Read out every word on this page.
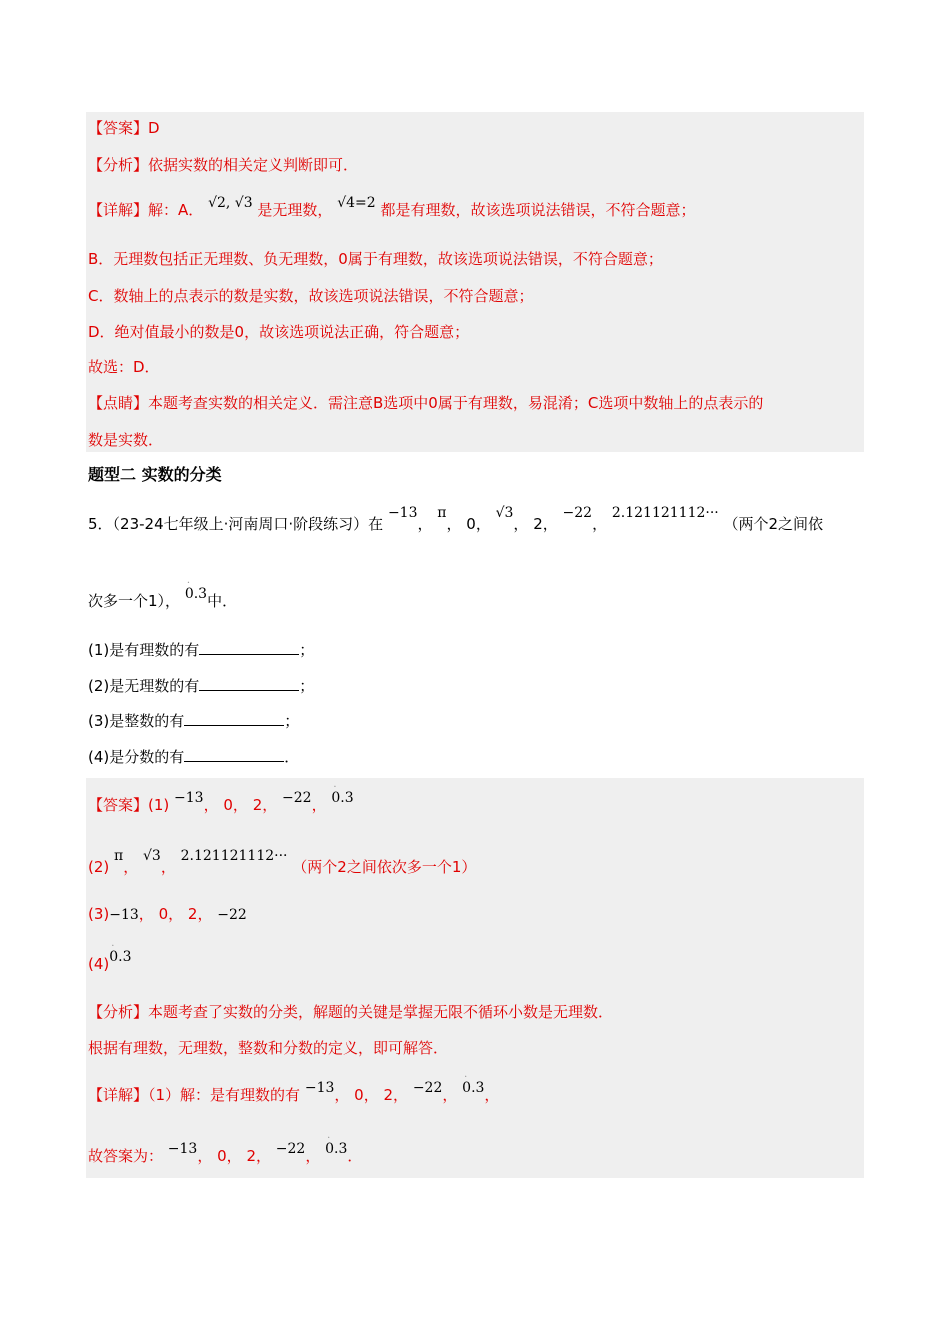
【答案】D
【分析】依据实数的相关定义判断即可．
【详解】解：A． √2, √3 是无理数， √4=2 都是有理数，故该选项说法错误，不符合题意；
B．无理数包括正无理数、负无理数，0属于有理数，故该选项说法错误，不符合题意；
C．数轴上的点表示的数是实数，故该选项说法错误，不符合题意；
D．绝对值最小的数是0，故该选项说法正确，符合题意；
故选：D．
【点睛】本题考查实数的相关定义．需注意B选项中0属于有理数，易混淆；C选项中数轴上的点表示的
数是实数．
题型二 实数的分类
5．（23-24七年级上·河南周口·阶段练习）在 −13， π， 0， √3， 2， −22， 2.121121112··· （两个2之间依
次多一个1）， · 0.3中．
(1)是有理数的有	；
(2)是无理数的有	；
(3)是整数的有	；
(4)是分数的有	．
【答案】(1) −13， 0， 2， −22， · 0.3
(2) π， √3， 2.121121112··· （两个2之间依次多一个1）
(3)−13， 0， 2， −22
(4)· 0.3
【分析】本题考查了实数的分类，解题的关键是掌握无限不循环小数是无理数．
根据有理数，无理数，整数和分数的定义，即可解答．
【详解】（1）解：是有理数的有 −13， 0， 2， −22， · 0.3，
故答案为： −13， 0， 2， −22， · 0.3．
